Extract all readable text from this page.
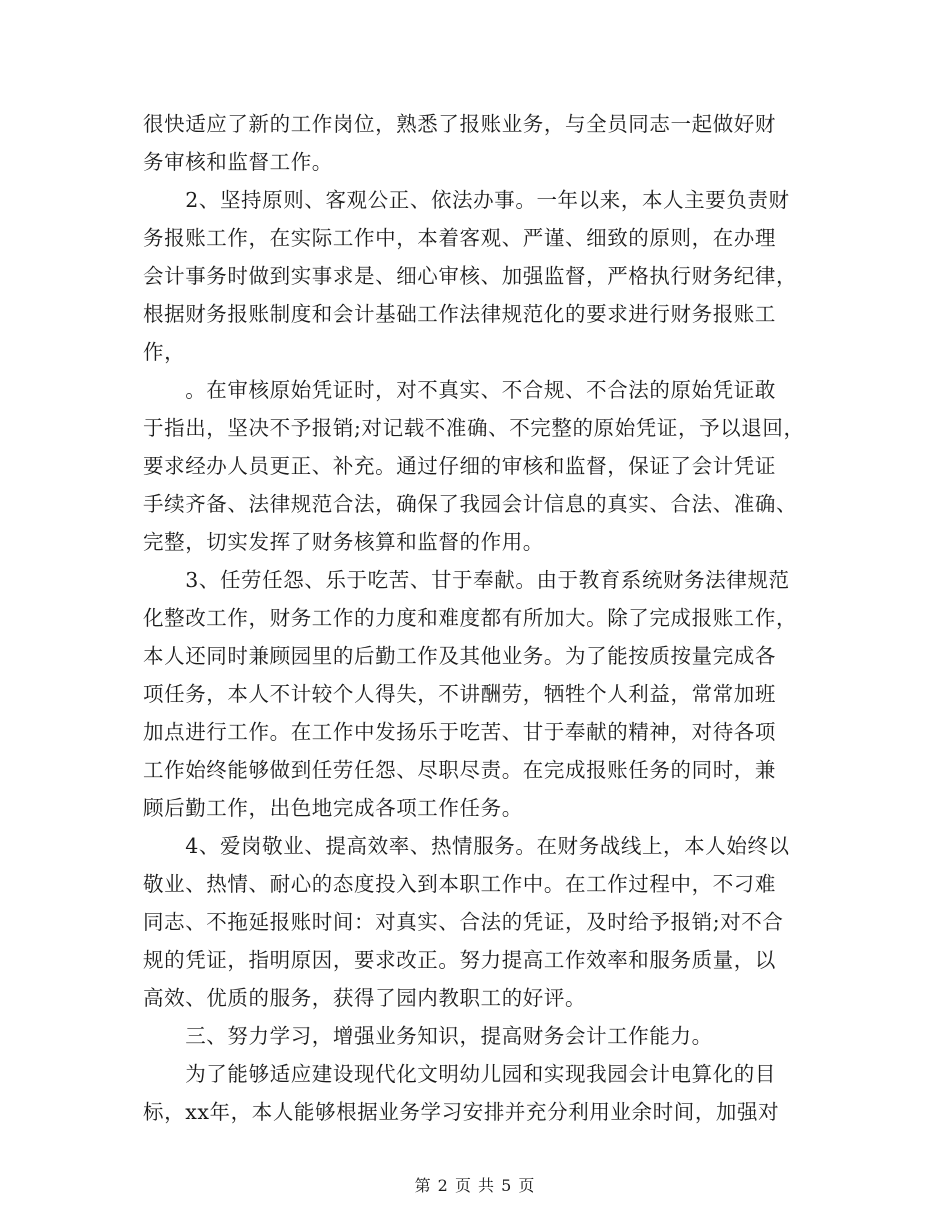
很快适应了新的工作岗位，熟悉了报账业务，与全员同志一起做好财
务审核和监督工作。
　　2、坚持原则、客观公正、依法办事。一年以来，本人主要负责财
务报账工作，在实际工作中，本着客观、严谨、细致的原则，在办理
会计事务时做到实事求是、细心审核、加强监督，严格执行财务纪律，
根据财务报账制度和会计基础工作法律规范化的要求进行财务报账工
作，
　　。在审核原始凭证时，对不真实、不合规、不合法的原始凭证敢
于指出，坚决不予报销;对记载不准确、不完整的原始凭证，予以退回，
要求经办人员更正、补充。通过仔细的审核和监督，保证了会计凭证
手续齐备、法律规范合法，确保了我园会计信息的真实、合法、准确、
完整，切实发挥了财务核算和监督的作用。
　　3、任劳任怨、乐于吃苦、甘于奉献。由于教育系统财务法律规范
化整改工作，财务工作的力度和难度都有所加大。除了完成报账工作，
本人还同时兼顾园里的后勤工作及其他业务。为了能按质按量完成各
项任务，本人不计较个人得失，不讲酬劳，牺牲个人利益，常常加班
加点进行工作。在工作中发扬乐于吃苦、甘于奉献的精神，对待各项
工作始终能够做到任劳任怨、尽职尽责。在完成报账任务的同时，兼
顾后勤工作，出色地完成各项工作任务。
　　4、爱岗敬业、提高效率、热情服务。在财务战线上，本人始终以
敬业、热情、耐心的态度投入到本职工作中。在工作过程中，不刁难
同志、不拖延报账时间：对真实、合法的凭证，及时给予报销;对不合
规的凭证，指明原因，要求改正。努力提高工作效率和服务质量，以
高效、优质的服务，获得了园内教职工的好评。
　　三、努力学习，增强业务知识，提高财务会计工作能力。
　　为了能够适应建设现代化文明幼儿园和实现我园会计电算化的目
标，xx年，本人能够根据业务学习安排并充分利用业余时间，加强对
第 2 页 共 5 页
